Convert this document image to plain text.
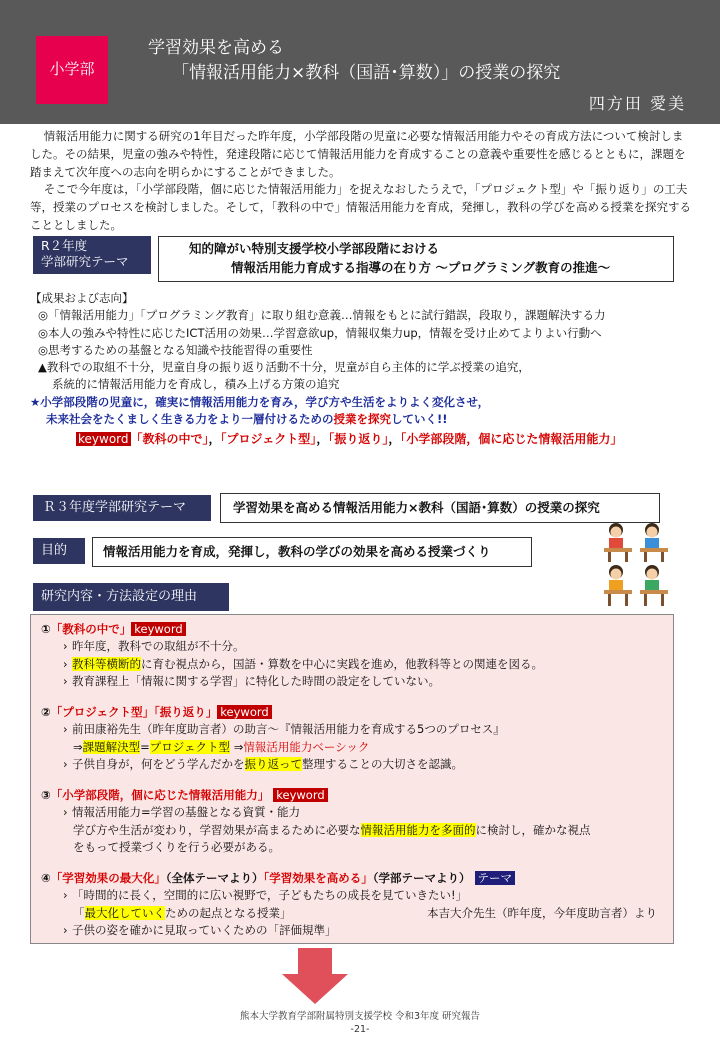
小学部
学習効果を高める
「情報活用能力×教科（国語･算数）」の授業の探究
四方田 愛美

情報活用能力に関する研究の1年目だった昨年度，小学部段階の児童に必要な情報活用能力やその育成方法について検討しました。その結果，児童の強みや特性，発達段階に応じて情報活用能力を育成することの意義や重要性を感じるとともに，課題を踏まえて次年度への志向を明らかにすることができました。

そこで今年度は，「小学部段階，個に応じた情報活用能力」を捉えなおしたうえで，「プロジェクト型」や「振り返り」の工夫等，授業のプロセスを検討しました。そして，「教科の中で」情報活用能力を育成，発揮し，教科の学びを高める授業を探究することとしました。

R２年度
学部研究テーマ
知的障がい特別支援学校小学部段階における
情報活用能力育成する指導の在り方 ～プログラミング教育の推進～
【成果および志向】
◎「情報活用能力」「プログラミング教育」に取り組む意義…情報をもとに試行錯誤，段取り，課題解決する力
◎本人の強みや特性に応じたICT活用の効果…学習意欲up，情報収集力up，情報を受け止めてよりよい行動へ
◎思考するための基盤となる知識や技能習得の重要性
▲教科での取組不十分，児童自身の振り返り活動不十分，児童が自ら主体的に学ぶ授業の追究，
系統的に情報活用能力を育成し，積み上げる方策の追究
★小学部段階の児童に，確実に情報活用能力を育み，学び方や生活をよりよく変化させ，
未来社会をたくましく生きる力をより一層付けるための授業を探究していく!!
keyword 「教科の中で」，「プロジェクト型」，「振り返り」，「小学部段階，個に応じた情報活用能力」
Ｒ３年度学部研究テーマ	学習効果を高める情報活用能力×教科（国語･算数）の授業の探究
目的	情報活用能力を育成，発揮し，教科の学びの効果を高める授業づくり
研究内容・方法設定の理由
①「教科の中で」 keyword
› 昨年度，教科での取組が不十分。
› 教科等横断的に育む視点から，国語・算数を中心に実践を進め，他教科等との関連を図る。
› 教育課程上「情報に関する学習」に特化した時間の設定をしていない。
②「プロジェクト型」「振り返り」 keyword
› 前田康裕先生（昨年度助言者）の助言～『情報活用能力を育成する5つのプロセス』
⇒課題解決型=プロジェクト型 ⇒情報活用能力ベーシック
› 子供自身が，何をどう学んだかを振り返って整理することの大切さを認識。
③「小学部段階，個に応じた情報活用能力」 keyword
› 情報活用能力=学習の基盤となる資質・能力
学び方や生活が変わり，学習効果が高まるために必要な情報活用能力を多面的に検討し，確かな視点
をもって授業づくりを行う必要がある。
④「学習効果の最大化」（全体テーマより）「学習効果を高める」（学部テーマより） テーマ
› 「時間的に長く，空間的に広い視野で，子どもたちの成長を見ていきたい!」
「最大化していくための起点となる授業」	本吉大介先生（昨年度，今年度助言者）より
› 子供の姿を確かに見取っていくための「評価規準」
熊本大学教育学部附属特別支援学校 令和3年度 研究報告
-21-
